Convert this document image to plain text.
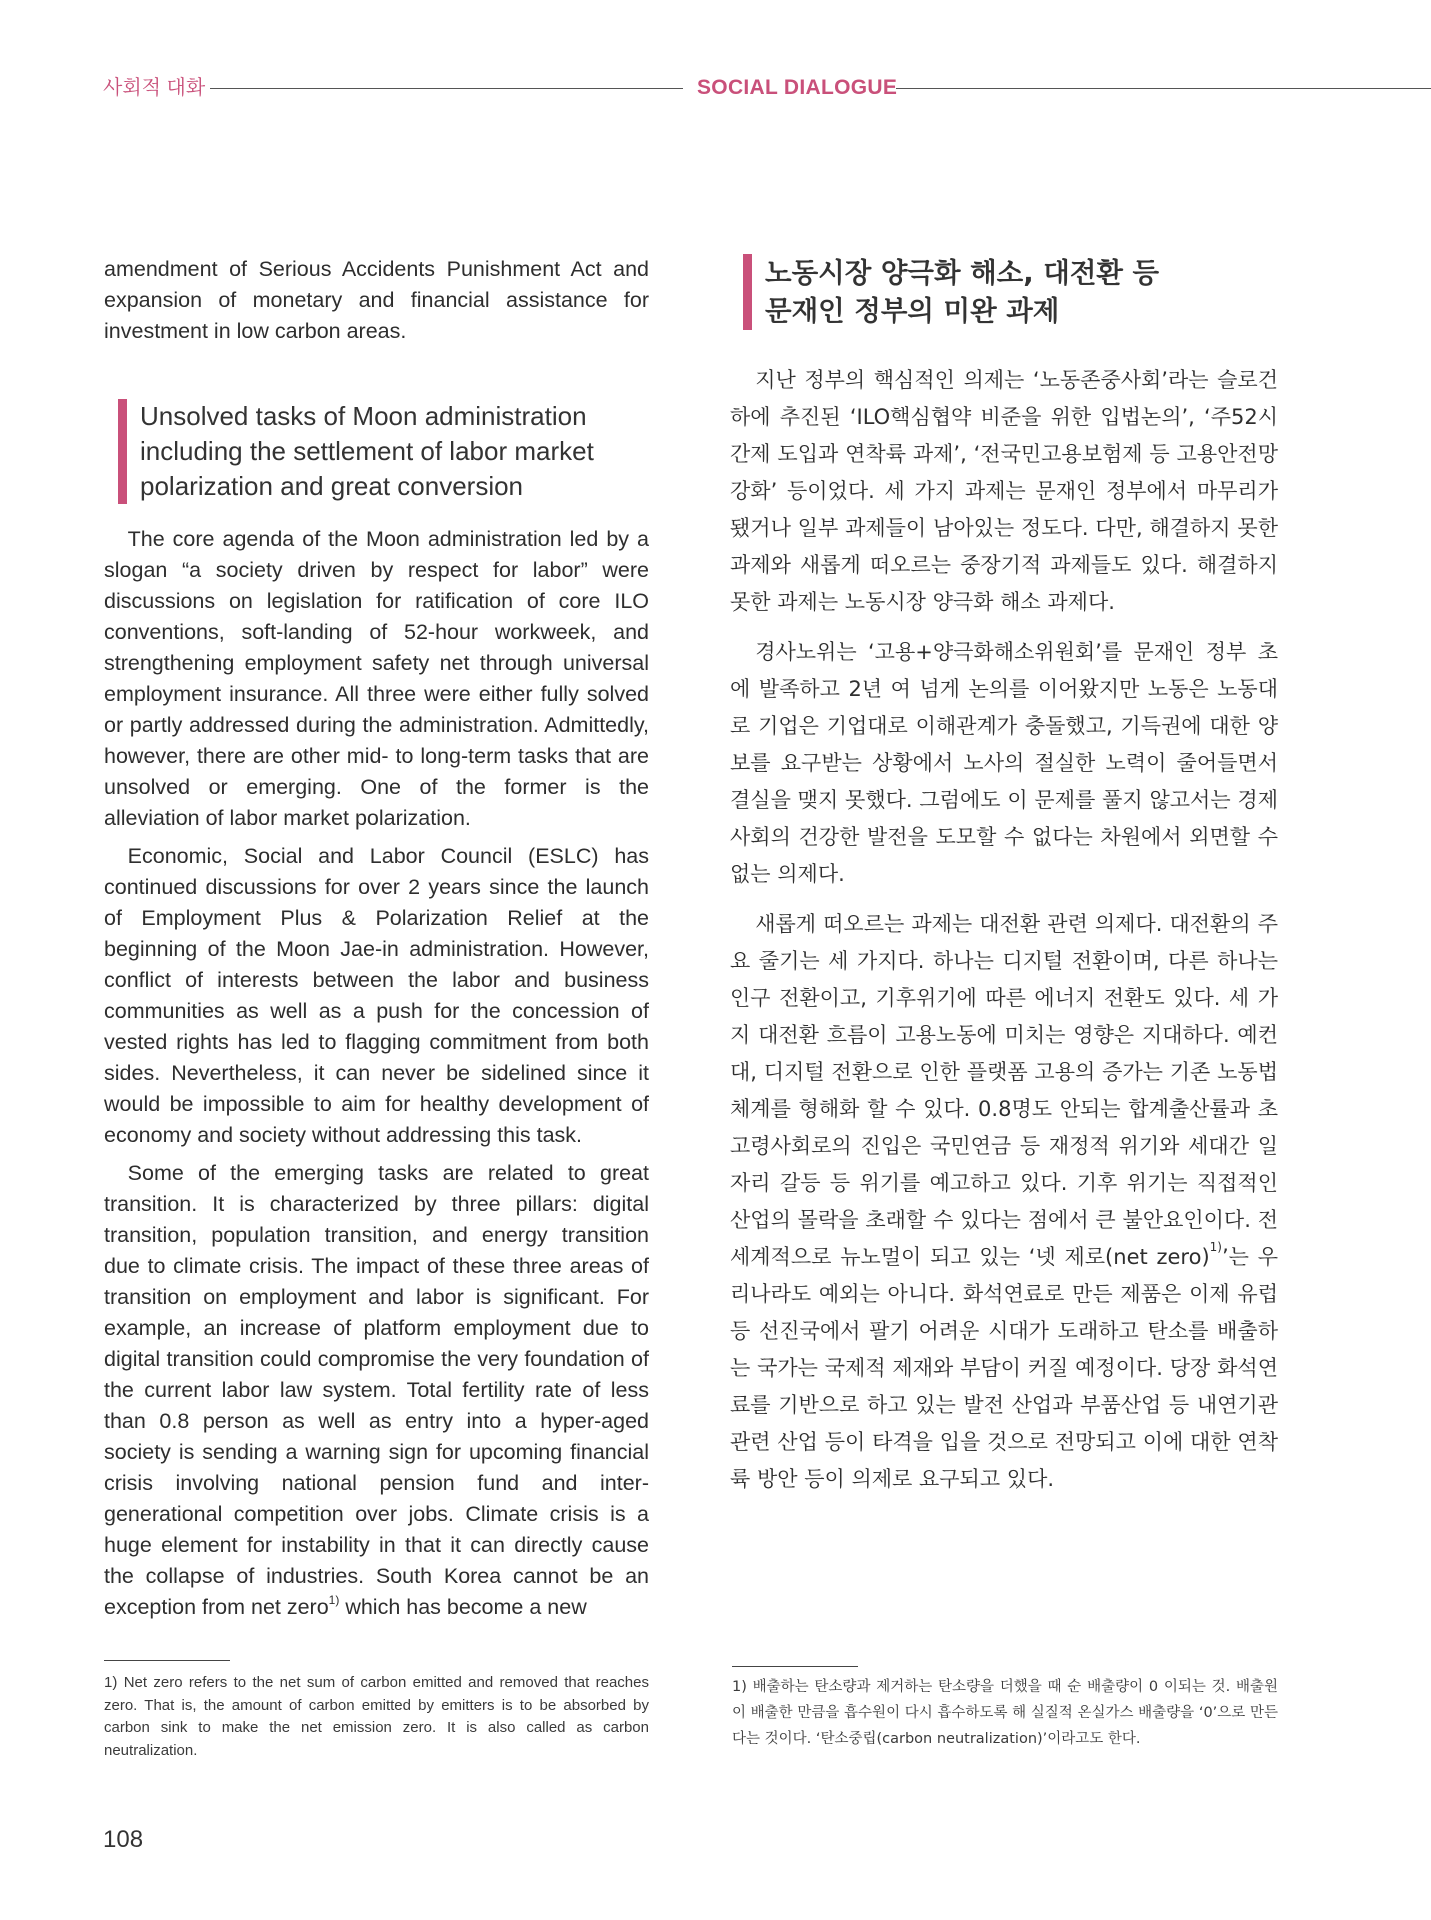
사회적 대화	SOCIAL DIALOGUE

amendment of Serious Accidents Punishment Act and expansion of monetary and financial assistance for investment in low carbon areas.

Unsolved tasks of Moon administration
including the settlement of labor market
polarization and great conversion

The core agenda of the Moon administration led by a slogan “a society driven by respect for labor” were discussions on legislation for ratification of core ILO conventions, soft-landing of 52-hour workweek, and strengthening employment safety net through universal employment insurance. All three were either fully solved or partly addressed during the administration. Admittedly, however, there are other mid- to long-term tasks that are unsolved or emerging. One of the former is the alleviation of labor market polarization.

Economic, Social and Labor Council (ESLC) has continued discussions for over 2 years since the launch of Employment Plus & Polarization Relief at the beginning of the Moon Jae-in administration. However, conflict of interests between the labor and business communities as well as a push for the concession of vested rights has led to flagging commitment from both sides. Nevertheless, it can never be sidelined since it would be impossible to aim for healthy development of economy and society without addressing this task.

Some of the emerging tasks are related to great transition. It is characterized by three pillars: digital transition, population transition, and energy transition due to climate crisis. The impact of these three areas of transition on employment and labor is significant. For example, an increase of platform employment due to digital transition could compromise the very foundation of the current labor law system. Total fertility rate of less than 0.8 person as well as entry into a hyper-aged society is sending a warning sign for upcoming financial crisis involving national pension fund and inter-generational competition over jobs. Climate crisis is a huge element for instability in that it can directly cause the collapse of industries. South Korea cannot be an exception from net zero$^{1)}$ which has become a new

1) Net zero refers to the net sum of carbon emitted and removed that reaches zero. That is, the amount of carbon emitted by emitters is to be absorbed by carbon sink to make the net emission zero. It is also called as carbon neutralization.
노동시장 양극화 해소, 대전환 등
문재인 정부의 미완 과제

지난 정부의 핵심적인 의제는 ‘노동존중사회’라는 슬로건 하에 추진된 ‘ILO핵심협약 비준을 위한 입법논의’, ‘주52시간제 도입과 연착륙 과제’, ‘전국민고용보험제 등 고용안전망 강화’ 등이었다. 세 가지 과제는 문재인 정부에서 마무리가 됐거나 일부 과제들이 남아있는 정도다. 다만, 해결하지 못한 과제와 새롭게 떠오르는 중장기적 과제들도 있다. 해결하지 못한 과제는 노동시장 양극화 해소 과제다.

경사노위는 ‘고용+양극화해소위원회’를 문재인 정부 초에 발족하고 2년 여 넘게 논의를 이어왔지만 노동은 노동대로 기업은 기업대로 이해관계가 충돌했고, 기득권에 대한 양보를 요구받는 상황에서 노사의 절실한 노력이 줄어들면서 결실을 맺지 못했다. 그럼에도 이 문제를 풀지 않고서는 경제사회의 건강한 발전을 도모할 수 없다는 차원에서 외면할 수 없는 의제다.

새롭게 떠오르는 과제는 대전환 관련 의제다. 대전환의 주요 줄기는 세 가지다. 하나는 디지털 전환이며, 다른 하나는 인구 전환이고, 기후위기에 따른 에너지 전환도 있다. 세 가지 대전환 흐름이 고용노동에 미치는 영향은 지대하다. 예컨대, 디지털 전환으로 인한 플랫폼 고용의 증가는 기존 노동법 체계를 형해화 할 수 있다. 0.8명도 안되는 합계출산률과 초고령사회로의 진입은 국민연금 등 재정적 위기와 세대간 일자리 갈등 등 위기를 예고하고 있다. 기후 위기는 직접적인 산업의 몰락을 초래할 수 있다는 점에서 큰 불안요인이다. 전 세계적으로 뉴노멀이 되고 있는 ‘넷 제로(net zero)$^{1)}$’는 우리나라도 예외는 아니다. 화석연료로 만든 제품은 이제 유럽 등 선진국에서 팔기 어려운 시대가 도래하고 탄소를 배출하는 국가는 국제적 제재와 부담이 커질 예정이다. 당장 화석연료를 기반으로 하고 있는 발전 산업과 부품산업 등 내연기관 관련 산업 등이 타격을 입을 것으로 전망되고 이에 대한 연착륙 방안 등이 의제로 요구되고 있다.

1) 배출하는 탄소량과 제거하는 탄소량을 더했을 때 순 배출량이 0 이되는 것. 배출원이 배출한 만큼을 흡수원이 다시 흡수하도록 해 실질적 온실가스 배출량을 ‘0’으로 만든다는 것이다. ‘탄소중립(carbon neutralization)’이라고도 한다.
108
